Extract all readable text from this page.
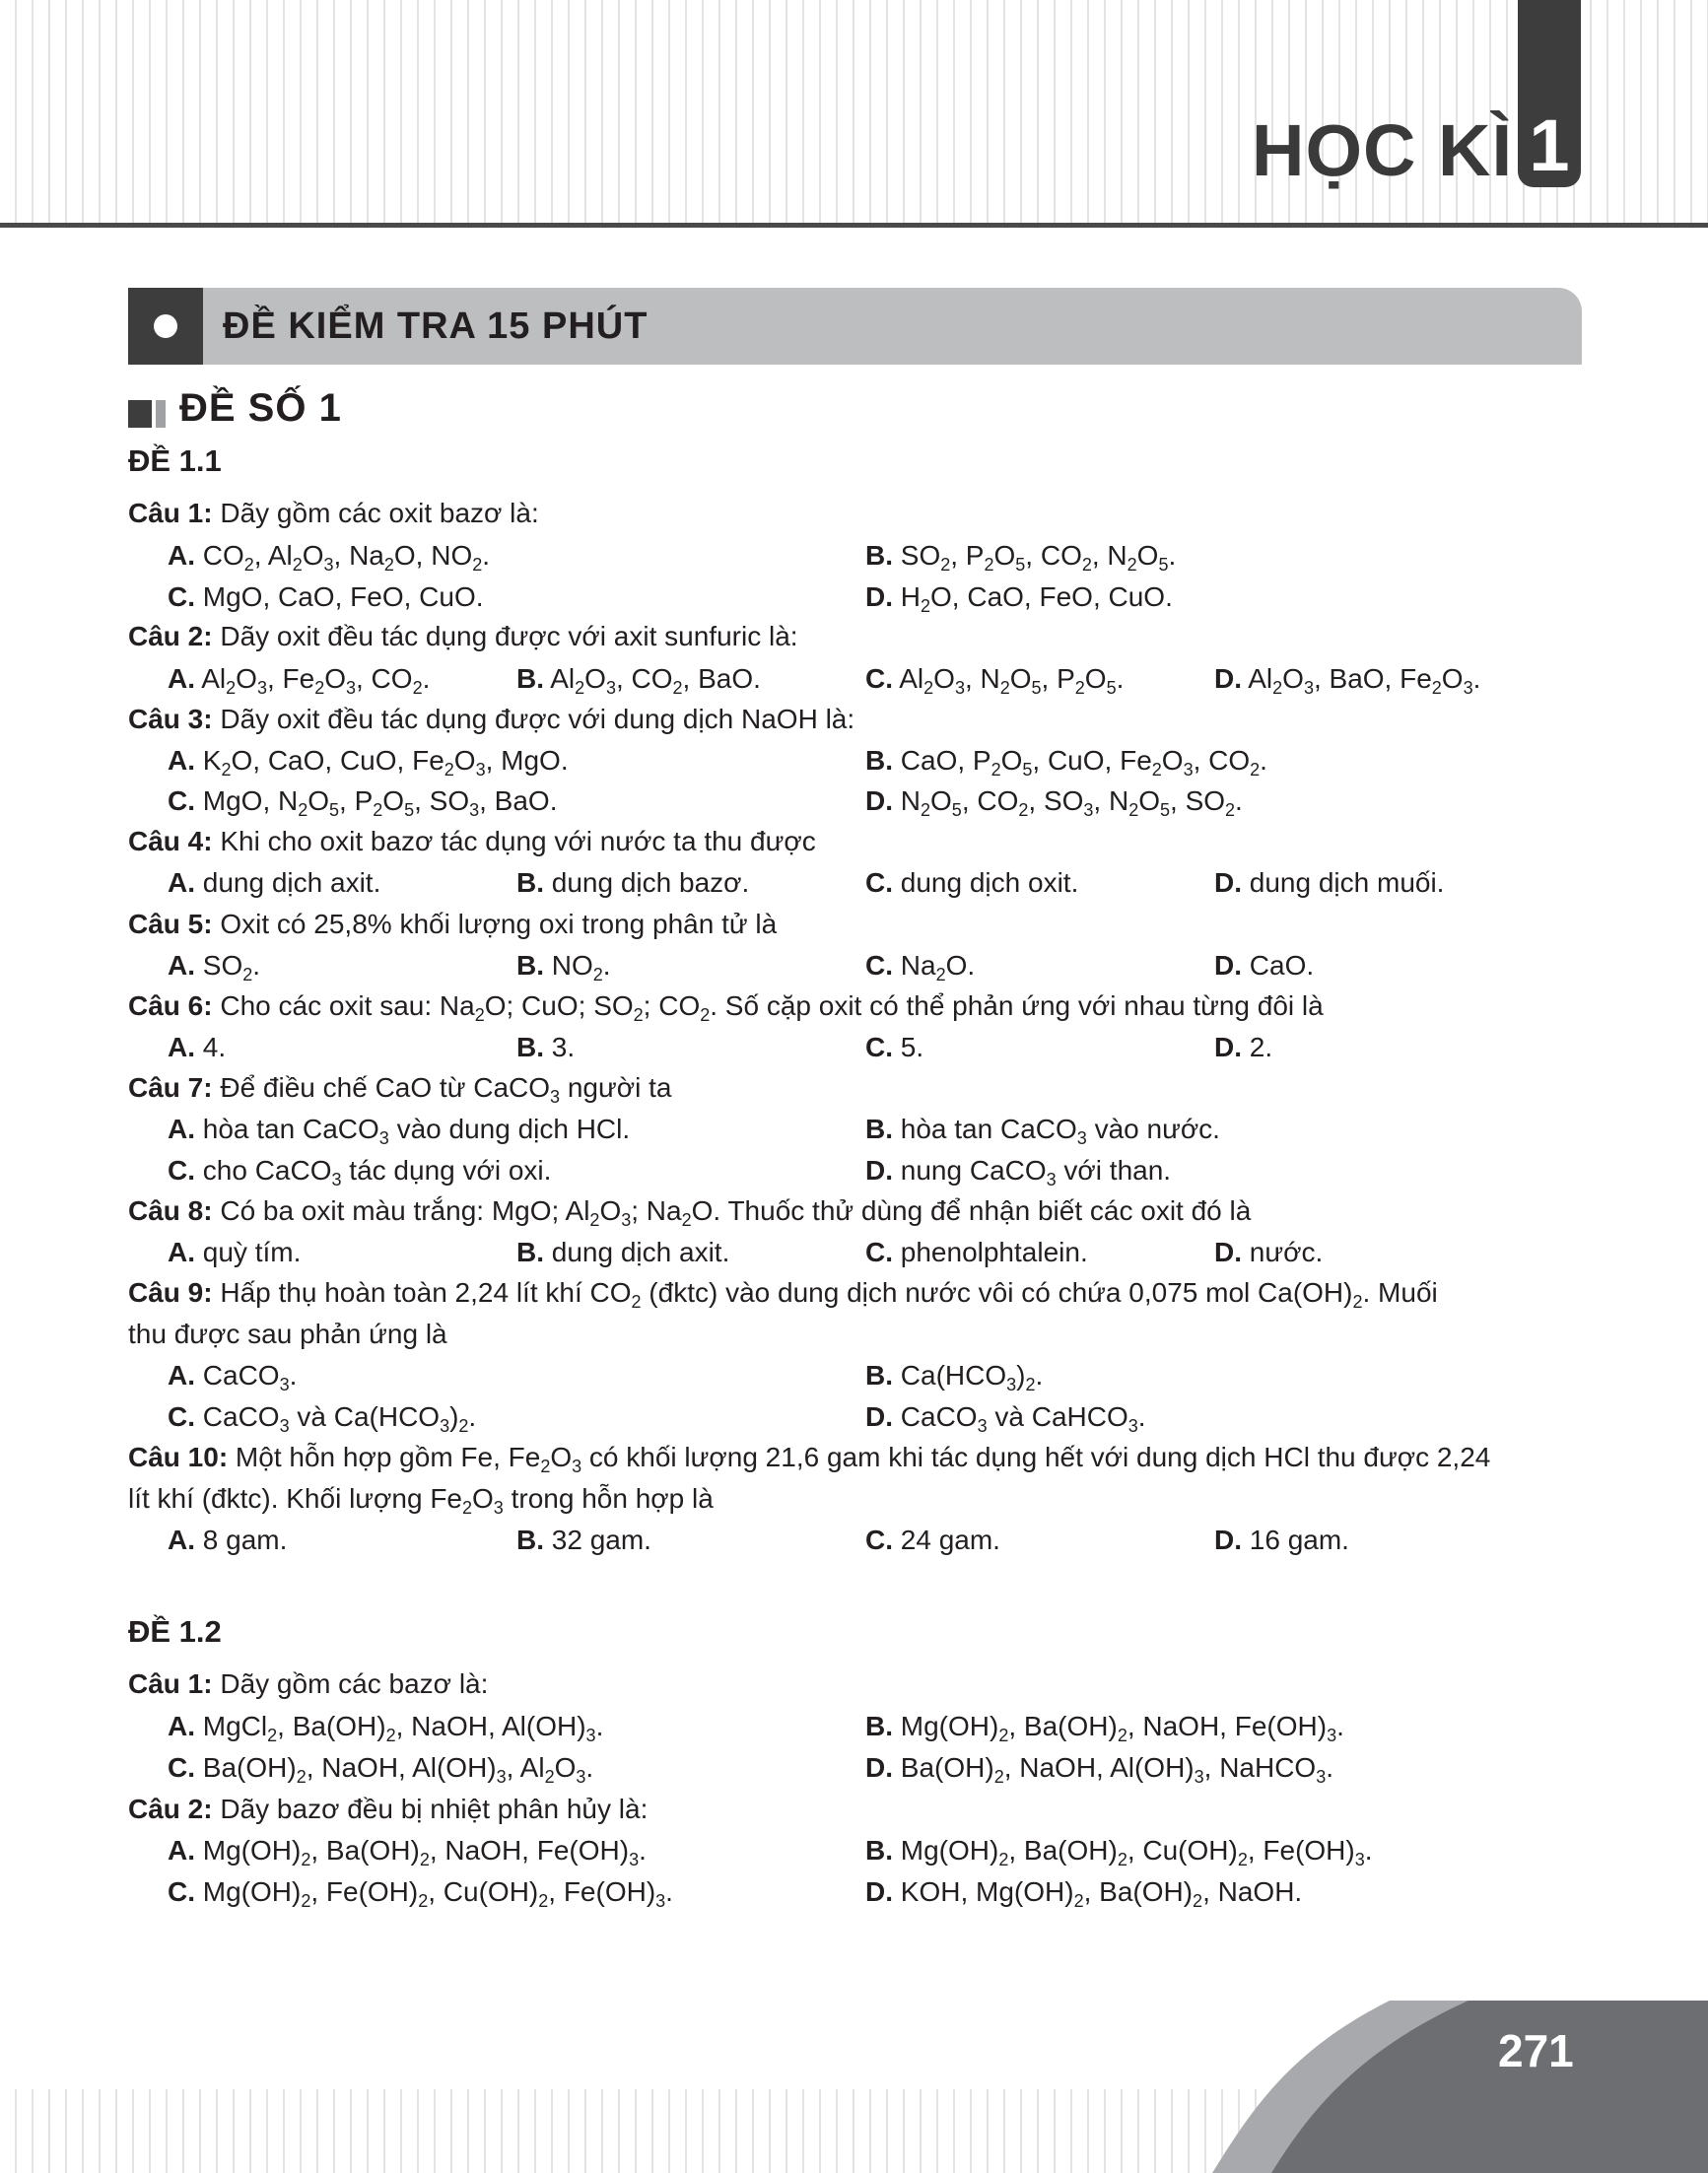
HỌC KÌ 1
ĐỀ KIỂM TRA 15 PHÚT
ĐỀ SỐ 1
ĐỀ 1.1
Câu 1: Dãy gồm các oxit bazơ là:
A. $CO_2$, $Al_2O_3$, $Na_2O$, $NO_2$.	B. $SO_2$, $P_2O_5$, $CO_2$, $N_2O_5$.
C. MgO, CaO, FeO, CuO.	D. $H_2O$, CaO, FeO, CuO.
Câu 2: Dãy oxit đều tác dụng được với axit sunfuric là:
A. $Al_2O_3$, $Fe_2O_3$, $CO_2$.	B. $Al_2O_3$, $CO_2$, BaO.	C. $Al_2O_3$, $N_2O_5$, $P_2O_5$.	D. $Al_2O_3$, BaO, $Fe_2O_3$.
Câu 3: Dãy oxit đều tác dụng được với dung dịch NaOH là:
A. $K_2O$, CaO, CuO, $Fe_2O_3$, MgO.	B. CaO, $P_2O_5$, CuO, $Fe_2O_3$, $CO_2$.
C. MgO, $N_2O_5$, $P_2O_5$, $SO_3$, BaO.	D. $N_2O_5$, $CO_2$, $SO_3$, $N_2O_5$, $SO_2$.
Câu 4: Khi cho oxit bazơ tác dụng với nước ta thu được
A. dung dịch axit.	B. dung dịch bazơ.	C. dung dịch oxit.	D. dung dịch muối.
Câu 5: Oxit có 25,8% khối lượng oxi trong phân tử là
A. $SO_2$.	B. $NO_2$.	C. $Na_2O$.	D. CaO.
Câu 6: Cho các oxit sau: $Na_2O$; CuO; $SO_2$; $CO_2$. Số cặp oxit có thể phản ứng với nhau từng đôi là
A. 4.	B. 3.	C. 5.	D. 2.
Câu 7: Để điều chế CaO từ CaCO$_3$ người ta
A. hòa tan CaCO$_3$ vào dung dịch HCl.	B. hòa tan CaCO$_3$ vào nước.
C. cho CaCO$_3$ tác dụng với oxi.	D. nung CaCO$_3$ với than.
Câu 8: Có ba oxit màu trắng: MgO; $Al_2O_3$; $Na_2O$. Thuốc thử dùng để nhận biết các oxit đó là
A. quỳ tím.	B. dung dịch axit.	C. phenolphtalein.	D. nước.
Câu 9: Hấp thụ hoàn toàn 2,24 lít khí $CO_2$ (đktc) vào dung dịch nước vôi có chứa 0,075 mol $Ca(OH)_2$. Muối
thu được sau phản ứng là
A. CaCO$_3$.	B. $Ca(HCO_3)_2$.
C. CaCO$_3$ và $Ca(HCO_3)_2$.	D. CaCO$_3$ và CaHCO$_3$.
Câu 10: Một hỗn hợp gồm Fe, $Fe_2O_3$ có khối lượng 21,6 gam khi tác dụng hết với dung dịch HCl thu được 2,24
lít khí (đktc). Khối lượng $Fe_2O_3$ trong hỗn hợp là
A. 8 gam.	B. 32 gam.	C. 24 gam.	D. 16 gam.
ĐỀ 1.2
Câu 1: Dãy gồm các bazơ là:
A. MgCl$_2$, $Ba(OH)_2$, NaOH, $Al(OH)_3$.	B. $Mg(OH)_2$, $Ba(OH)_2$, NaOH, $Fe(OH)_3$.
C. $Ba(OH)_2$, NaOH, $Al(OH)_3$, $Al_2O_3$.	D. $Ba(OH)_2$, NaOH, $Al(OH)_3$, NaHCO$_3$.
Câu 2: Dãy bazơ đều bị nhiệt phân hủy là:
A. $Mg(OH)_2$, $Ba(OH)_2$, NaOH, $Fe(OH)_3$.	B. $Mg(OH)_2$, $Ba(OH)_2$, $Cu(OH)_2$, $Fe(OH)_3$.
C. $Mg(OH)_2$, $Fe(OH)_2$, $Cu(OH)_2$, $Fe(OH)_3$.	D. KOH, $Mg(OH)_2$, $Ba(OH)_2$, NaOH.
271
